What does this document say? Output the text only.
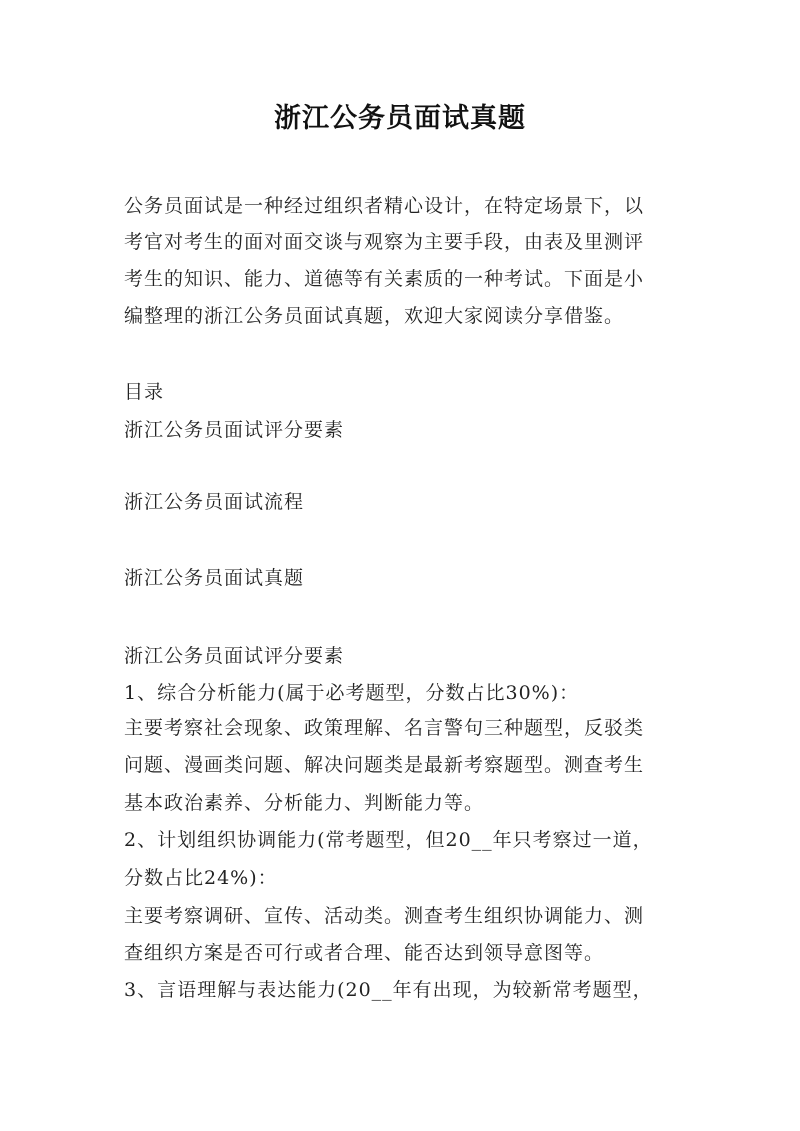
浙江公务员面试真题

公务员面试是一种经过组织者精心设计，在特定场景下，以

考官对考生的面对面交谈与观察为主要手段，由表及里测评

考生的知识、能力、道德等有关素质的一种考试。下面是小

编整理的浙江公务员面试真题，欢迎大家阅读分享借鉴。

目录

浙江公务员面试评分要素

浙江公务员面试流程

浙江公务员面试真题

浙江公务员面试评分要素

1、综合分析能力(属于必考题型，分数占比30%)：

主要考察社会现象、政策理解、名言警句三种题型，反驳类

问题、漫画类问题、解决问题类是最新考察题型。测查考生

基本政治素养、分析能力、判断能力等。

2、计划组织协调能力(常考题型，但20__年只考察过一道，

分数占比24%)：

主要考察调研、宣传、活动类。测查考生组织协调能力、测

查组织方案是否可行或者合理、能否达到领导意图等。

3、言语理解与表达能力(20__年有出现，为较新常考题型，
